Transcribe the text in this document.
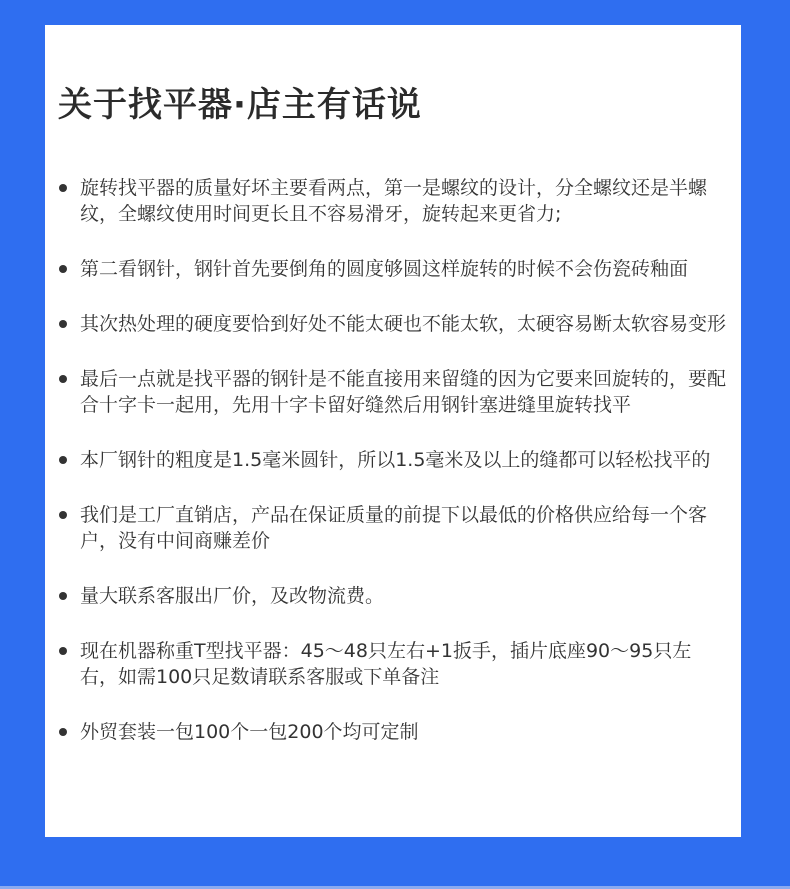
关于找平器·店主有话说
旋转找平器的质量好坏主要看两点，第一是螺纹的设计，分全螺纹还是半螺纹，全螺纹使用时间更长且不容易滑牙，旋转起来更省力;
第二看钢针，钢针首先要倒角的圆度够圆这样旋转的时候不会伤瓷砖釉面
其次热处理的硬度要恰到好处不能太硬也不能太软，太硬容易断太软容易变形
最后一点就是找平器的钢针是不能直接用来留缝的因为它要来回旋转的，要配合十字卡一起用，先用十字卡留好缝然后用钢针塞进缝里旋转找平
本厂钢针的粗度是1.5毫米圆针，所以1.5毫米及以上的缝都可以轻松找平的
我们是工厂直销店，产品在保证质量的前提下以最低的价格供应给每一个客户，没有中间商赚差价
量大联系客服出厂价，及改物流费。
现在机器称重T型找平器：45～48只左右+1扳手，插片底座90～95只左右，如需100只足数请联系客服或下单备注
外贸套装一包100个一包200个均可定制
